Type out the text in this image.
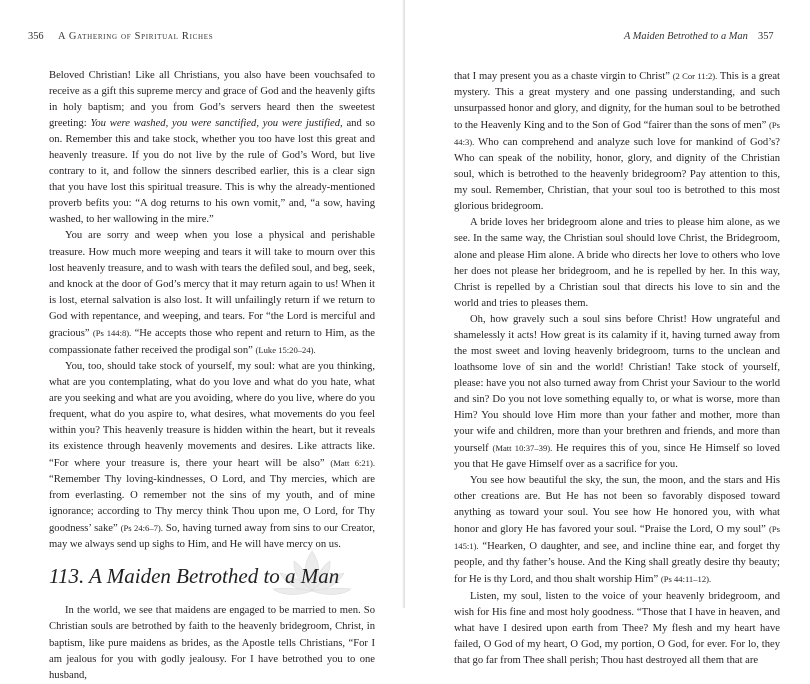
356 A Gathering of Spiritual Riches

Beloved Christian! Like all Christians, you also have been vouchsafed to receive as a gift this supreme mercy and grace of God and the heavenly gifts in holy baptism; and you from God’s servers heard then the sweetest greeting: You were washed, you were sanctified, you were justified, and so on. Remember this and take stock, whether you too have lost this great and heavenly treasure. If you do not live by the rule of God’s Word, but live contrary to it, and follow the sinners described earlier, this is a clear sign that you have lost this spiritual treasure. This is why the already-mentioned proverb befits you: “A dog returns to his own vomit,” and, “a sow, having washed, to her wallowing in the mire.”

You are sorry and weep when you lose a physical and perishable treasure. How much more weeping and tears it will take to mourn over this lost heavenly treasure, and to wash with tears the defiled soul, and beg, seek, and knock at the door of God’s mercy that it may return again to us! When it is lost, eternal salvation is also lost. It will unfailingly return if we return to God with repentance, and weeping, and tears. For “the Lord is merciful and gracious” (Ps 144:8). “He accepts those who repent and return to Him, as the compassionate father received the prodigal son” (Luke 15:20–24).

You, too, should take stock of yourself, my soul: what are you thinking, what are you contemplating, what do you love and what do you hate, what are you seeking and what are you avoiding, where do you live, where do you frequent, what do you aspire to, what desires, what movements do you feel within you? This heavenly treasure is hidden within the heart, but it reveals its existence through heavenly movements and desires. Like attracts like. “For where your treasure is, there your heart will be also” (Matt 6:21). “Remember Thy loving-kindnesses, O Lord, and Thy mercies, which are from everlasting. O remember not the sins of my youth, and of mine ignorance; according to Thy mercy think Thou upon me, O Lord, for Thy goodness’ sake” (Ps 24:6–7). So, having turned away from sins to our Creator, may we always send up sighs to Him, and He will have mercy on us.

113. A Maiden Betrothed to a Man

In the world, we see that maidens are engaged to be married to men. So Christian souls are betrothed by faith to the heavenly bridegroom, Christ, in baptism, like pure maidens as brides, as the Apostle tells Christians, “For I am jealous for you with godly jealousy. For I have betrothed you to one husband,

A Maiden Betrothed to a Man 357

that I may present you as a chaste virgin to Christ” (2 Cor 11:2). This is a great mystery. This a great mystery and one passing understanding, and such unsurpassed honor and glory, and dignity, for the human soul to be betrothed to the Heavenly King and to the Son of God “fairer than the sons of men” (Ps 44:3). Who can comprehend and analyze such love for mankind of God’s? Who can speak of the nobility, honor, glory, and dignity of the Christian soul, which is betrothed to the heavenly bridegroom? Pay attention to this, my soul. Remember, Christian, that your soul too is betrothed to this most glorious bridegroom.

A bride loves her bridegroom alone and tries to please him alone, as we see. In the same way, the Christian soul should love Christ, the Bridegroom, alone and please Him alone. A bride who directs her love to others who love her does not please her bridegroom, and he is repelled by her. In this way, Christ is repelled by a Christian soul that directs his love to sin and the world and tries to pleases them.

Oh, how gravely such a soul sins before Christ! How ungrateful and shamelessly it acts! How great is its calamity if it, having turned away from the most sweet and loving heavenly bridegroom, turns to the unclean and loathsome love of sin and the world! Christian! Take stock of yourself, please: have you not also turned away from Christ your Saviour to the world and sin? Do you not love something equally to, or what is worse, more than Him? You should love Him more than your father and mother, more than your wife and children, more than your brethren and friends, and more than yourself (Matt 10:37–39). He requires this of you, since He Himself so loved you that He gave Himself over as a sacrifice for you.

You see how beautiful the sky, the sun, the moon, and the stars and His other creations are. But He has not been so favorably disposed toward anything as toward your soul. You see how He honored you, with what honor and glory He has favored your soul. “Praise the Lord, O my soul” (Ps 145:1). “Hearken, O daughter, and see, and incline thine ear, and forget thy people, and thy father’s house. And the King shall greatly desire thy beauty; for He is thy Lord, and thou shalt worship Him” (Ps 44:11–12).

Listen, my soul, listen to the voice of your heavenly bridegroom, and wish for His fine and most holy goodness. “Those that I have in heaven, and what have I desired upon earth from Thee? My flesh and my heart have failed, O God of my heart, O God, my portion, O God, for ever. For lo, they that go far from Thee shall perish; Thou hast destroyed all them that are
